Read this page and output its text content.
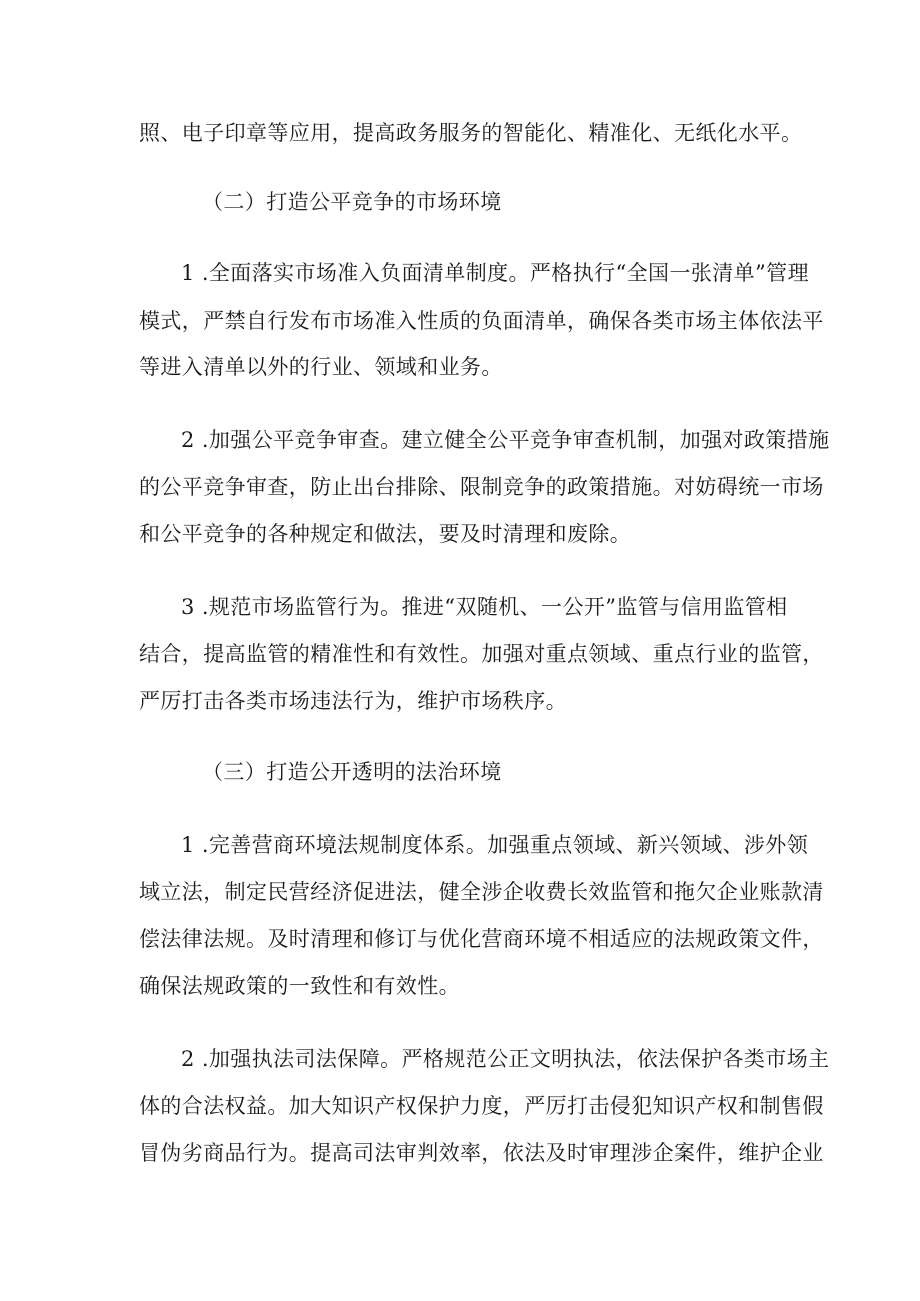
照、电子印章等应用，提高政务服务的智能化、精准化、无纸化水平。
（二）打造公平竞争的市场环境
1 .全面落实市场准入负面清单制度。严格执行“全国一张清单”管理
模式，严禁自行发布市场准入性质的负面清单，确保各类市场主体依法平
等进入清单以外的行业、领域和业务。
2 .加强公平竞争审查。建立健全公平竞争审查机制，加强对政策措施
的公平竞争审查，防止出台排除、限制竞争的政策措施。对妨碍统一市场
和公平竞争的各种规定和做法，要及时清理和废除。
3 .规范市场监管行为。推进“双随机、一公开”监管与信用监管相
结合，提高监管的精准性和有效性。加强对重点领域、重点行业的监管，
严厉打击各类市场违法行为，维护市场秩序。
（三）打造公开透明的法治环境
1 .完善营商环境法规制度体系。加强重点领域、新兴领域、涉外领
域立法，制定民营经济促进法，健全涉企收费长效监管和拖欠企业账款清
偿法律法规。及时清理和修订与优化营商环境不相适应的法规政策文件，
确保法规政策的一致性和有效性。
2 .加强执法司法保障。严格规范公正文明执法，依法保护各类市场主
体的合法权益。加大知识产权保护力度，严厉打击侵犯知识产权和制售假
冒伪劣商品行为。提高司法审判效率，依法及时审理涉企案件，维护企业
